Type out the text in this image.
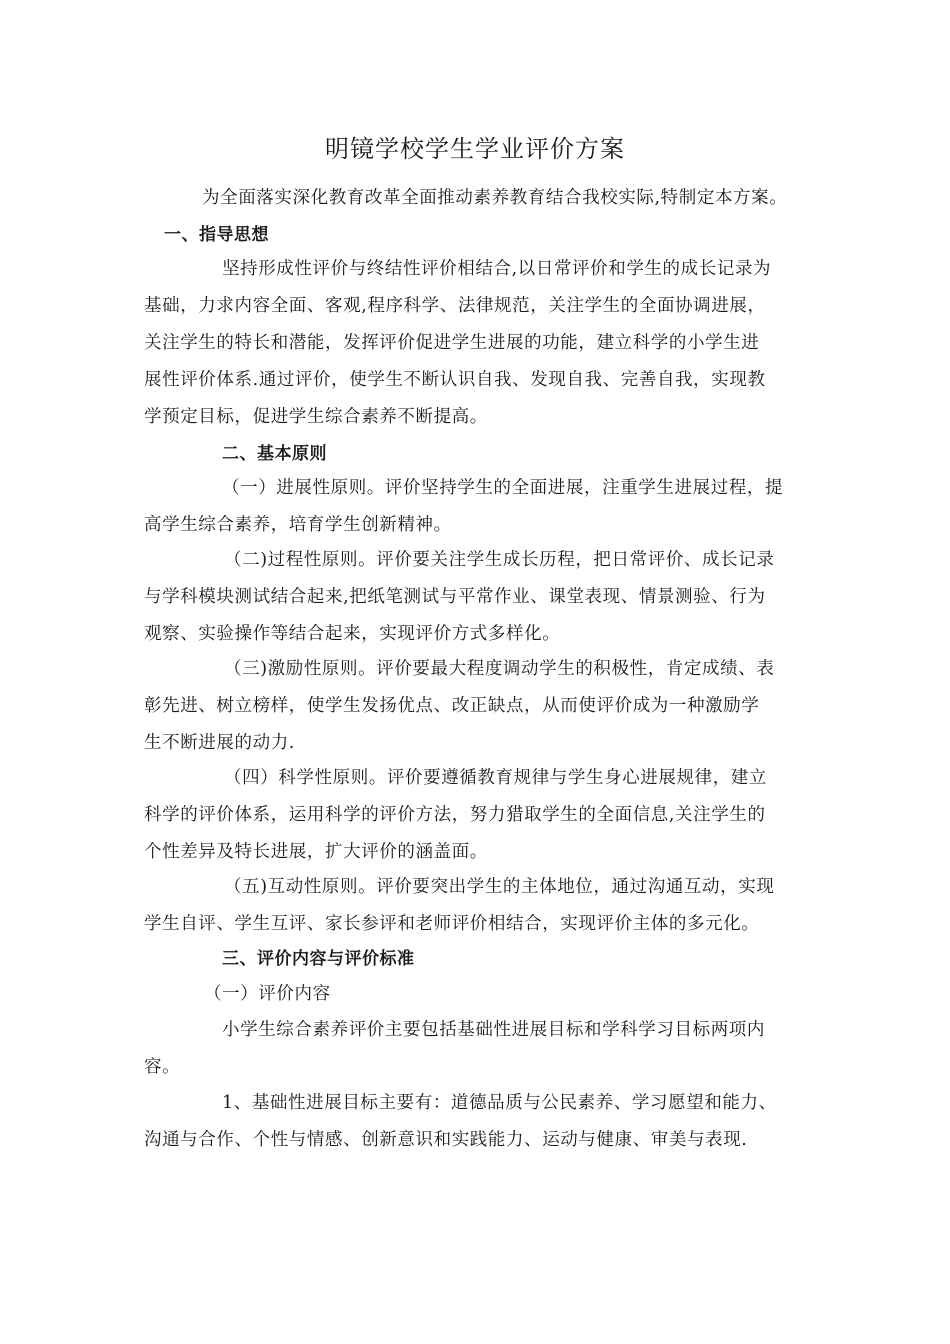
明镜学校学生学业评价方案
为全面落实深化教育改革全面推动素养教育结合我校实际,特制定本方案。
一、指导思想
坚持形成性评价与终结性评价相结合,以日常评价和学生的成长记录为
基础，力求内容全面、客观,程序科学、法律规范，关注学生的全面协调进展，
关注学生的特长和潜能，发挥评价促进学生进展的功能，建立科学的小学生进
展性评价体系.通过评价，使学生不断认识自我、发现自我、完善自我，实现教
学预定目标，促进学生综合素养不断提高。
二、基本原则
（一）进展性原则。评价坚持学生的全面进展，注重学生进展过程，提
高学生综合素养，培育学生创新精神。
（二)过程性原则。评价要关注学生成长历程，把日常评价、成长记录
与学科模块测试结合起来,把纸笔测试与平常作业、课堂表现、情景测验、行为
观察、实验操作等结合起来，实现评价方式多样化。
（三)激励性原则。评价要最大程度调动学生的积极性，肯定成绩、表
彰先进、树立榜样，使学生发扬优点、改正缺点，从而使评价成为一种激励学
生不断进展的动力.
（四）科学性原则。评价要遵循教育规律与学生身心进展规律，建立
科学的评价体系，运用科学的评价方法，努力猎取学生的全面信息,关注学生的
个性差异及特长进展，扩大评价的涵盖面。
（五)互动性原则。评价要突出学生的主体地位，通过沟通互动，实现
学生自评、学生互评、家长参评和老师评价相结合，实现评价主体的多元化。
三、评价内容与评价标准
（一）评价内容
小学生综合素养评价主要包括基础性进展目标和学科学习目标两项内
容。
1、基础性进展目标主要有：道德品质与公民素养、学习愿望和能力、
沟通与合作、个性与情感、创新意识和实践能力、运动与健康、审美与表现.
